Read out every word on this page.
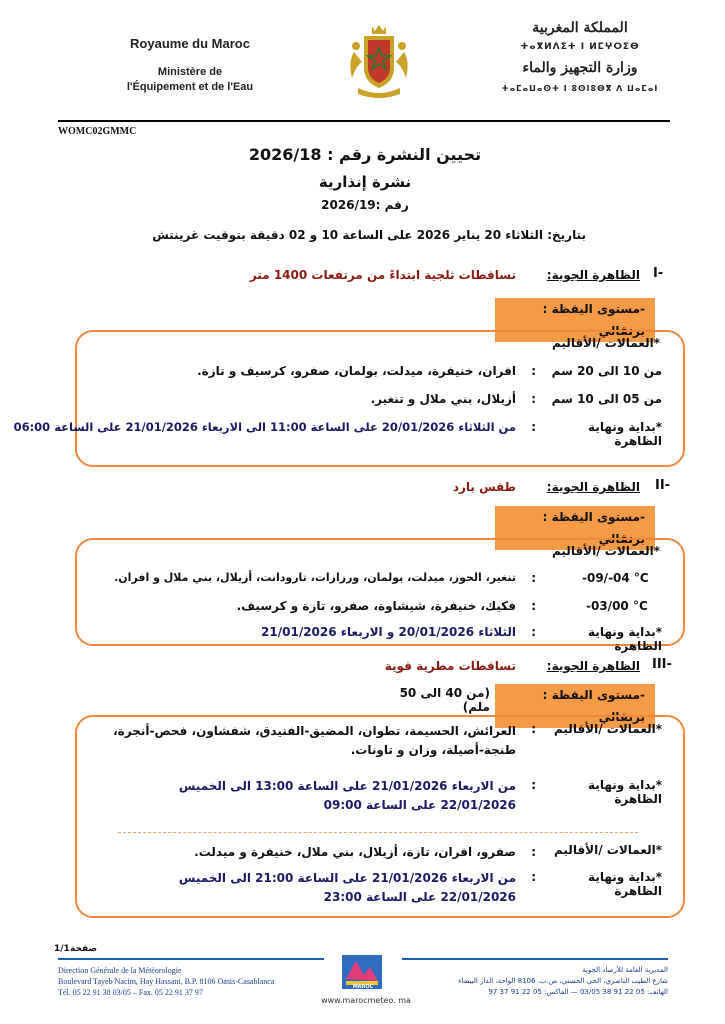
Royaume du Maroc
Ministère de
l'Équipement et de l'Eau
المملكة المغربية
ⵜⴰⴳⵍⴷⵉⵜ ⵏ ⵍⵎⵖⵔⵉⴱ
وزارة التجهيز والماء
ⵜⴰⵎⴰⵡⴰⵙⵜ ⵏ ⵓⵙⵏⵓⴱⴳ ⴷ ⵡⴰⵎⴰⵏ
WOMC02GMMC
تحيين النشرة رقم : 2026/18
نشرة إنذارية
رقم :2026/19
بتاريخ: الثلاثاء 20 يناير 2026 على الساعة 10 و 02 دقيقة بتوقيت غرينتش
I-
الظاهرة الجوية:
تساقطات ثلجية ابتداءً من مرتفعات 1400 متر
-مستوى اليقظة : برتقالي
*العمالات /الأقاليم
من 10 الى 20 سم
:
افران، خنيفرة، ميدلت، بولمان، صفرو، كرسيف و تازة.
من 05 الى 10 سم
:
أزيلال، بني ملال و تنغير.
*بداية ونهاية الظاهرة
:
من الثلاثاء 20/01/2026 على الساعة 11:00 الى الاربعاء 21/01/2026 على الساعة 06:00
II-
الظاهرة الجوية:
طقس بارد
-مستوى اليقظة : برتقالي
*العمالات /الأقاليم
-09/-04 °C
:
تنغير، الحوز، ميدلت، بولمان، ورزازات، تارودانت، أزيلال، بني ملال و افران.
-03/00 °C
:
فكيك، خنيفرة، شيشاوة، صفرو، تازة و كرسيف.
*بداية ونهاية الظاهرة
:
الثلاثاء 20/01/2026 و الاربعاء 21/01/2026
III-
الظاهرة الجوية:
تساقطات مطرية قوية
-مستوى اليقظة : برتقالي
(من 40 الى 50 ملم)
*العمالات /الأقاليم
:
العرائش، الحسيمة، تطوان، المضيق-الفنيدق، شفشاون، فحص-أنجرة، طنجة-أصيلة، وزان و تاونات.
*بداية ونهاية الظاهرة
:
من الاربعاء 21/01/2026 على الساعة 13:00 الى الخميس 22/01/2026 على الساعة 09:00
*العمالات /الأقاليم
:
صفرو، افران، تازة، أزيلال، بني ملال، خنيفرة و ميدلت.
*بداية ونهاية الظاهرة
:
من الاربعاء 21/01/2026 على الساعة 21:00 الى الخميس 22/01/2026 على الساعة 23:00
1/1 صفحة
Direction Générale de la Météorologie
Boulevard Tayeb Nacim, Hay Hassani, B.P. 8106 Oasis-Casablanca
Tél. 05 22 91 38 03/05 – Fax. 05 22 91 37 97
MAROC
www.marocmeteo. ma
المديرية العامة للأرصاد الجوية
شارع الطيب الناصري، الحي الحسني، ص.ب. 8106 الواحة، الدار البيضاء
الهاتف: 05 22 91 38 03/05 — الفاكس: 05 22 91 37 97
